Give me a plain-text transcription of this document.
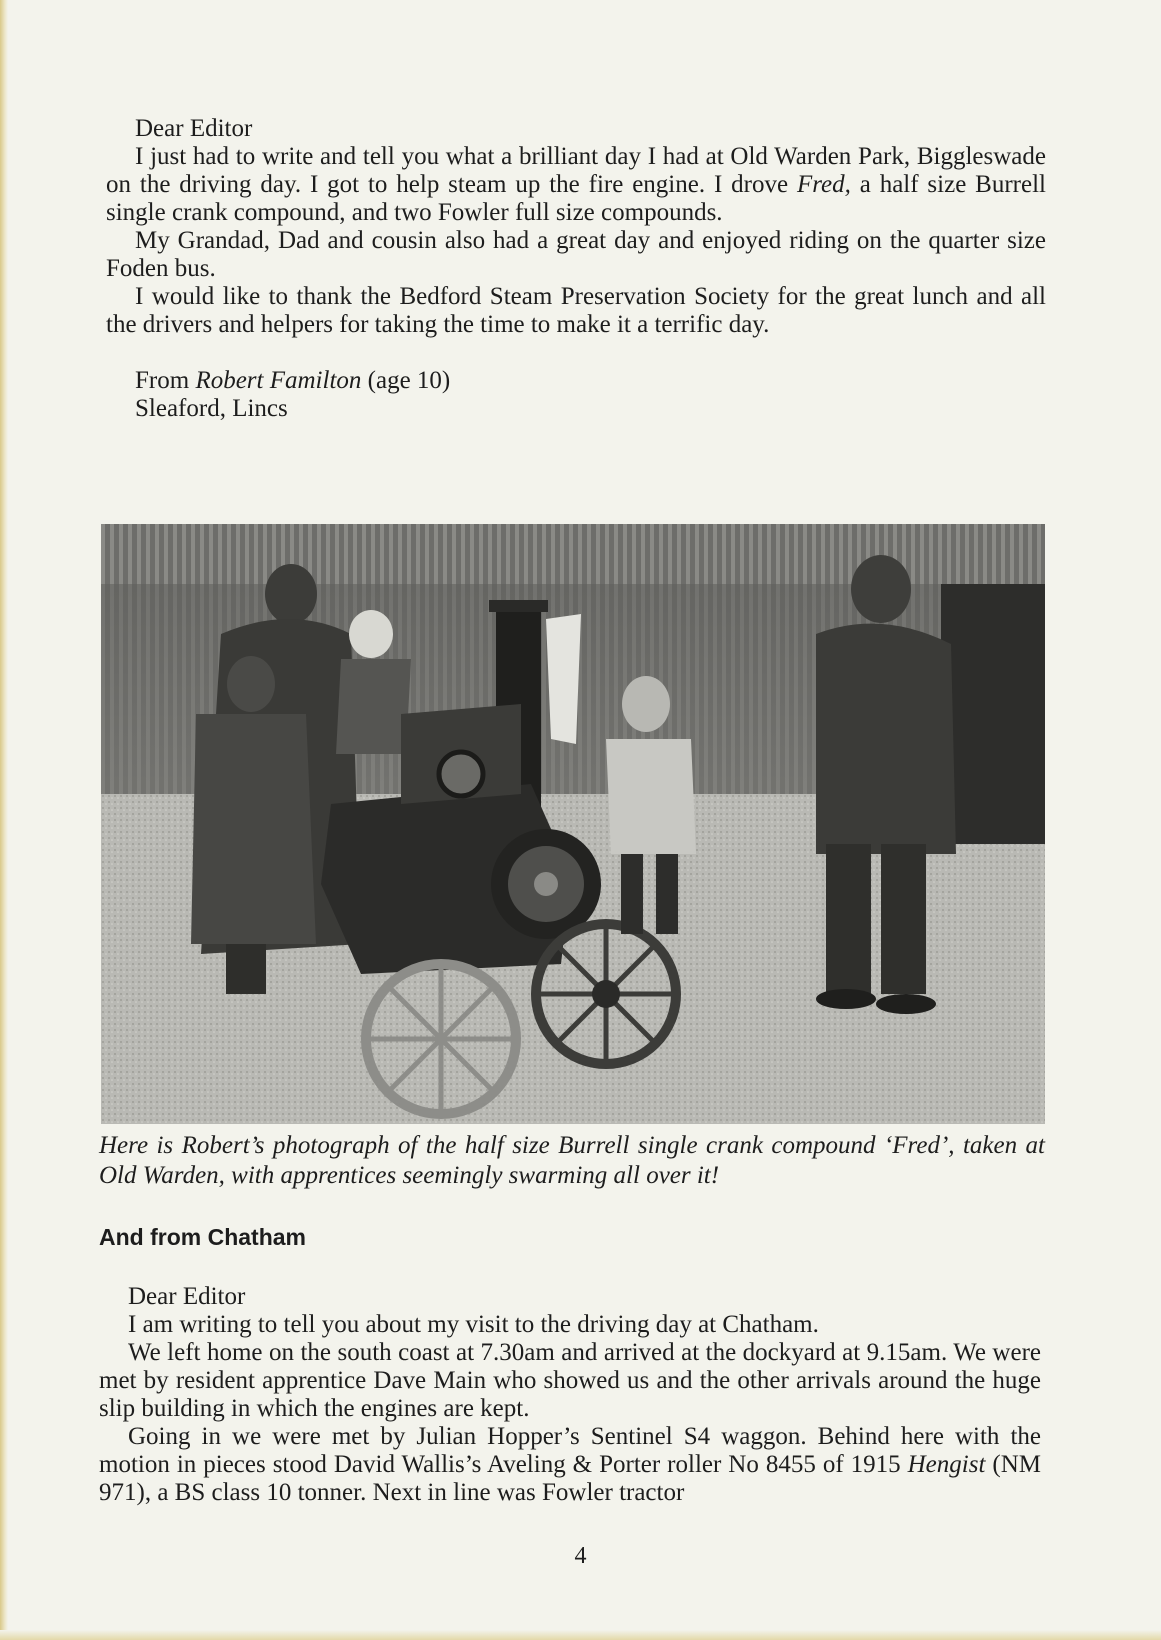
Dear Editor

I just had to write and tell you what a brilliant day I had at Old Warden Park, Biggleswade on the driving day. I got to help steam up the fire engine. I drove Fred, a half size Burrell single crank compound, and two Fowler full size compounds.

My Grandad, Dad and cousin also had a great day and enjoyed riding on the quarter size Foden bus.

I would like to thank the Bedford Steam Preservation Society for the great lunch and all the drivers and helpers for taking the time to make it a terrific day.

From Robert Familton (age 10)

Sleaford, Lincs

Here is Robert’s photograph of the half size Burrell single crank compound ‘Fred’, taken at Old Warden, with apprentices seemingly swarming all over it!

And from Chatham

Dear Editor

I am writing to tell you about my visit to the driving day at Chatham.

We left home on the south coast at 7.30am and arrived at the dockyard at 9.15am. We were met by resident apprentice Dave Main who showed us and the other arrivals around the huge slip building in which the engines are kept.

Going in we were met by Julian Hopper’s Sentinel S4 waggon. Behind here with the motion in pieces stood David Wallis’s Aveling & Porter roller No 8455 of 1915 Hengist (NM 971), a BS class 10 tonner. Next in line was Fowler tractor

4
